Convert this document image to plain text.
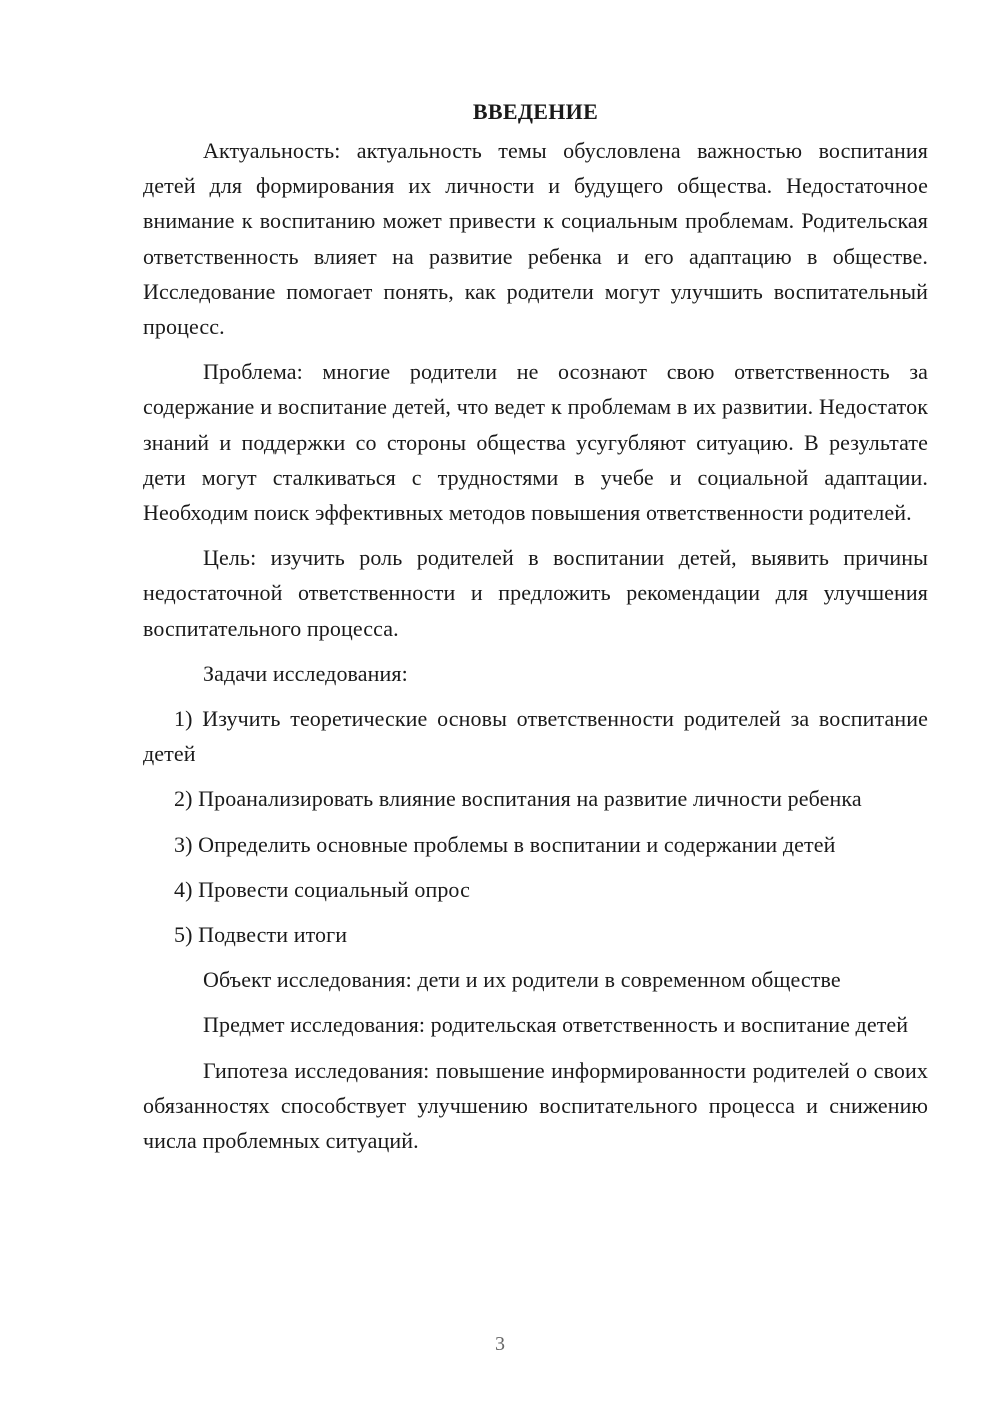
ВВЕДЕНИЕ

Актуальность: актуальность темы обусловлена важностью воспитания детей для формирования их личности и будущего общества. Недостаточное внимание к воспитанию может привести к социальным проблемам. Родительская ответственность влияет на развитие ребенка и его адаптацию в обществе. Исследование помогает понять, как родители могут улучшить воспитательный процесс.

Проблема: многие родители не осознают свою ответственность за содержание и воспитание детей, что ведет к проблемам в их развитии. Недостаток знаний и поддержки со стороны общества усугубляют ситуацию. В результате дети могут сталкиваться с трудностями в учебе и социальной адаптации. Необходим поиск эффективных методов повышения ответственности родителей.

Цель: изучить роль родителей в воспитании детей, выявить причины недостаточной ответственности и предложить рекомендации для улучшения воспитательного процесса.

Задачи исследования:

1) Изучить теоретические основы ответственности родителей за воспитание детей

2) Проанализировать влияние воспитания на развитие личности ребенка

3) Определить основные проблемы в воспитании и содержании детей

4) Провести социальный опрос

5) Подвести итоги

Объект исследования: дети и их родители в современном обществе

Предмет исследования: родительская ответственность и воспитание детей

Гипотеза исследования: повышение информированности родителей о своих обязанностях способствует улучшению воспитательного процесса и снижению числа проблемных ситуаций.

3
